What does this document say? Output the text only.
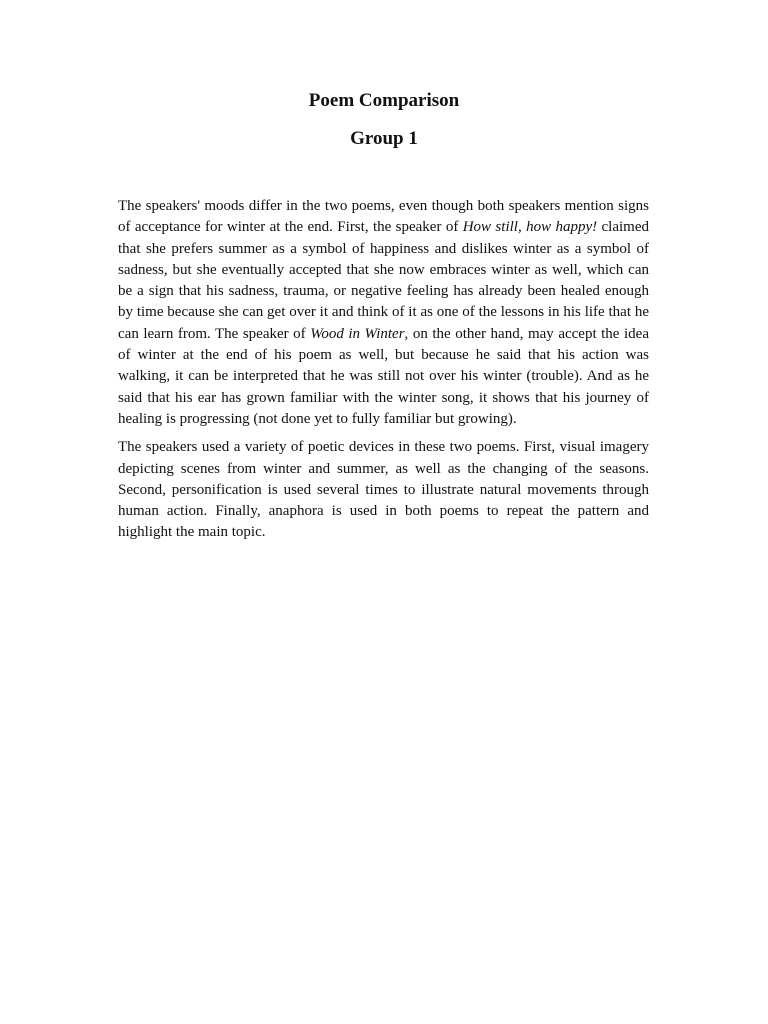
Poem Comparison
Group 1

The speakers' moods differ in the two poems, even though both speakers mention signs of acceptance for winter at the end. First, the speaker of How still, how happy! claimed that she prefers summer as a symbol of happiness and dislikes winter as a symbol of sadness, but she eventually accepted that she now embraces winter as well, which can be a sign that his sadness, trauma, or negative feeling has already been healed enough by time because she can get over it and think of it as one of the lessons in his life that he can learn from. The speaker of Wood in Winter, on the other hand, may accept the idea of winter at the end of his poem as well, but because he said that his action was walking, it can be interpreted that he was still not over his winter (trouble). And as he said that his ear has grown familiar with the winter song, it shows that his journey of healing is progressing (not done yet to fully familiar but growing).

The speakers used a variety of poetic devices in these two poems. First, visual imagery depicting scenes from winter and summer, as well as the changing of the seasons. Second, personification is used several times to illustrate natural movements through human action. Finally, anaphora is used in both poems to repeat the pattern and highlight the main topic.
